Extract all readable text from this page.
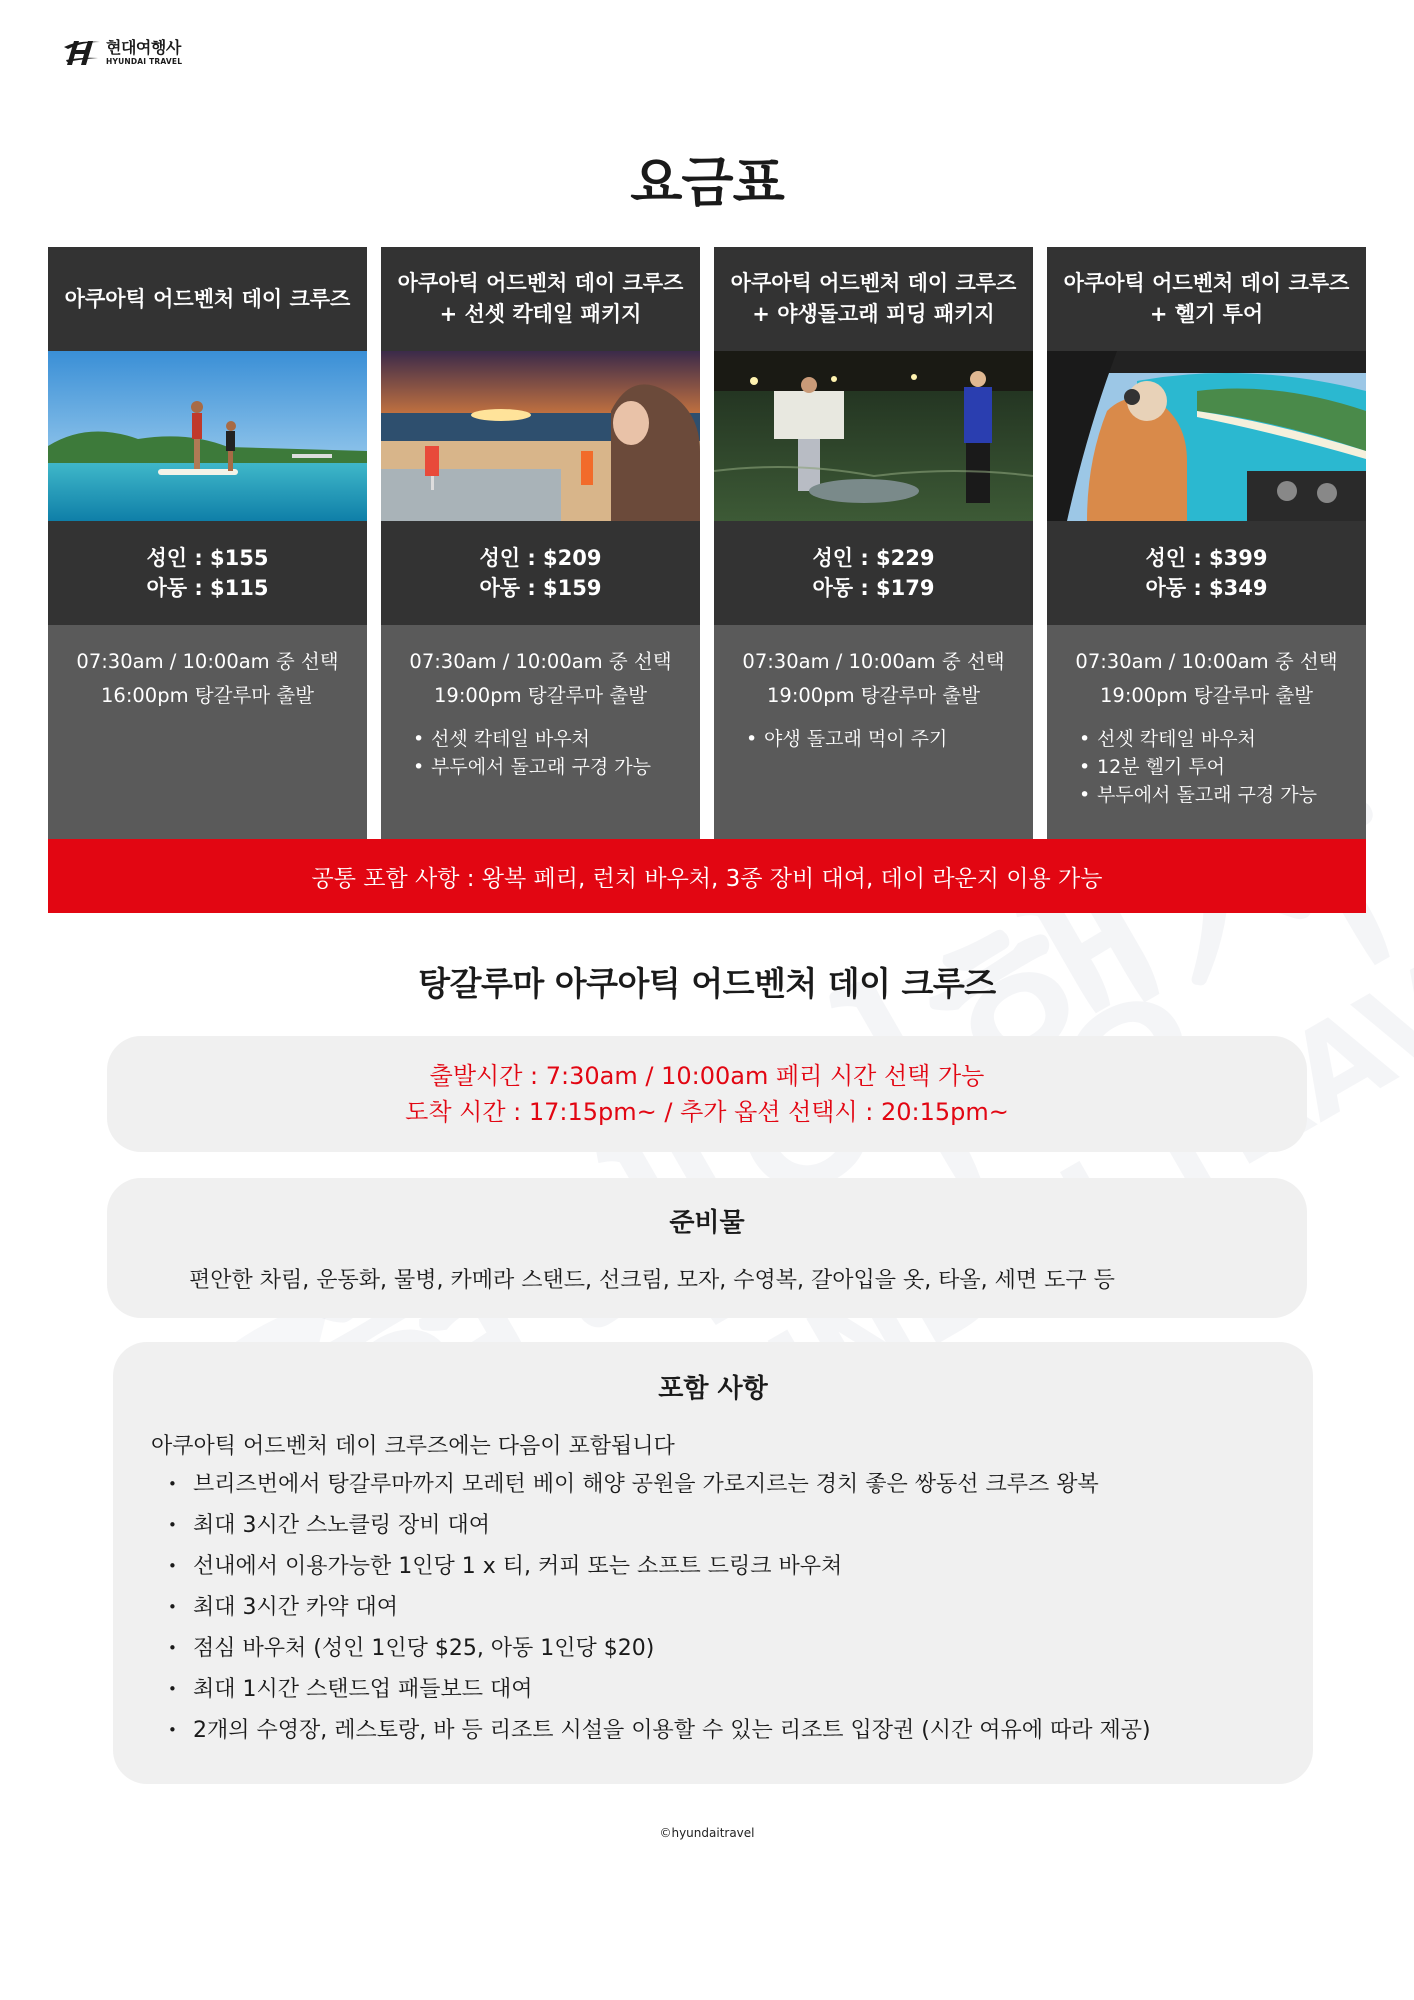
현대여행사
HYUNDAI TRAVEL
요금표
아쿠아틱 어드벤처 데이 크루즈
성인 : $155
아동 : $115
07:30am / 10:00am 중 선택
16:00pm 탕갈루마 출발
아쿠아틱 어드벤처 데이 크루즈
+ 선셋 칵테일 패키지
성인 : $209
아동 : $159
07:30am / 10:00am 중 선택
19:00pm 탕갈루마 출발
• 선셋 칵테일 바우처
• 부두에서 돌고래 구경 가능
아쿠아틱 어드벤처 데이 크루즈
+ 야생돌고래 피딩 패키지
성인 : $229
아동 : $179
07:30am / 10:00am 중 선택
19:00pm 탕갈루마 출발
• 야생 돌고래 먹이 주기
아쿠아틱 어드벤처 데이 크루즈
+ 헬기 투어
성인 : $399
아동 : $349
07:30am / 10:00am 중 선택
19:00pm 탕갈루마 출발
• 선셋 칵테일 바우처
• 12분 헬기 투어
• 부두에서 돌고래 구경 가능
공통 포함 사항 : 왕복 페리, 런치 바우처, 3종 장비 대여, 데이 라운지 이용 가능
탕갈루마 아쿠아틱 어드벤처 데이 크루즈
출발시간 : 7:30am / 10:00am 페리 시간 선택 가능
도착 시간 : 17:15pm~ / 추가 옵션 선택시 : 20:15pm~
준비물
편안한 차림, 운동화, 물병, 카메라 스탠드, 선크림, 모자, 수영복, 갈아입을 옷, 타올, 세면 도구 등
포함 사항
아쿠아틱 어드벤처 데이 크루즈에는 다음이 포함됩니다
• 브리즈번에서 탕갈루마까지 모레턴 베이 해양 공원을 가로지르는 경치 좋은 쌍동선 크루즈 왕복
• 최대 3시간 스노클링 장비 대여
• 선내에서 이용가능한 1인당 1 x 티, 커피 또는 소프트 드링크 바우쳐
• 최대 3시간 카약 대여
• 점심 바우처 (성인 1인당 $25, 아동 1인당 $20)
• 최대 1시간 스탠드업 패들보드 대여
• 2개의 수영장, 레스토랑, 바 등 리조트 시설을 이용할 수 있는 리조트 입장권 (시간 여유에 따라 제공)
©hyundaitravel
